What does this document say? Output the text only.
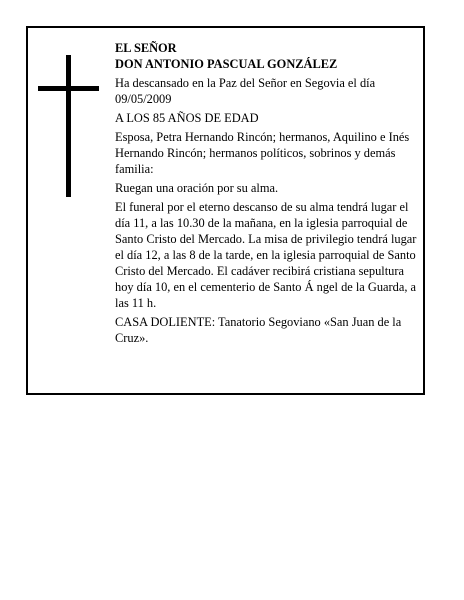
EL SEÑOR

DON ANTONIO PASCUAL GONZÁLEZ

Ha descansado en la Paz del Señor en Segovia el día 09/05/2009

A LOS 85 AÑOS DE EDAD

Esposa, Petra Hernando Rincón; hermanos, Aquilino e Inés Hernando Rincón; hermanos políticos, sobrinos y demás familia:

Ruegan una oración por su alma.

El funeral por el eterno descanso de su alma tendrá lugar el día 11, a las 10.30 de la mañana, en la iglesia parroquial de Santo Cristo del Mercado. La misa de privilegio tendrá lugar el día 12, a las 8 de la tarde, en la iglesia parroquial de Santo Cristo del Mercado. El cadáver recibirá cristiana sepultura hoy día 10, en el cementerio de Santo Á ngel de la Guarda, a las 11 h.

CASA DOLIENTE: Tanatorio Segoviano «San Juan de la Cruz».
